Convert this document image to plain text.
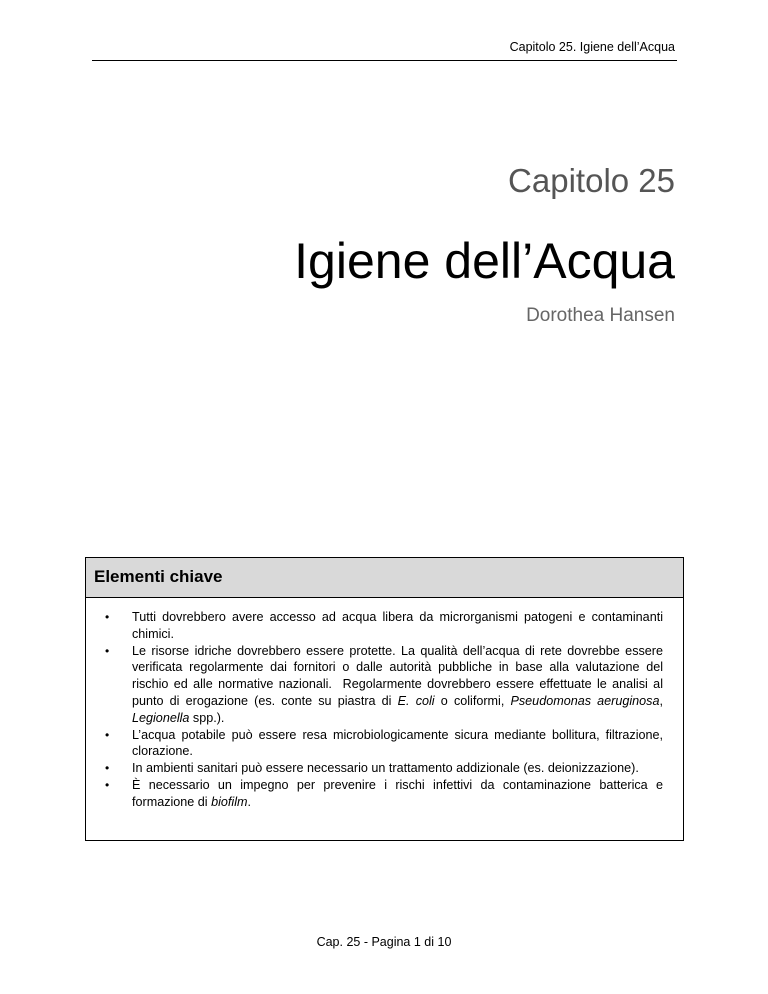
Capitolo 25. Igiene dell’Acqua
Capitolo 25
Igiene dell’Acqua
Dorothea Hansen
Elementi chiave
• Tutti dovrebbero avere accesso ad acqua libera da microrganismi patogeni e contaminanti chimici.
• Le risorse idriche dovrebbero essere protette. La qualità dell’acqua di rete dovrebbe essere verificata regolarmente dai fornitori o dalle autorità pubbliche in base alla valutazione del rischio ed alle normative nazionali.  Regolarmente dovrebbero essere effettuate le analisi al punto di erogazione (es. conte su piastra di E. coli o coliformi, Pseudomonas aeruginosa, Legionella spp.).
• L’acqua potabile può essere resa microbiologicamente sicura mediante bollitura, filtrazione, clorazione.
• In ambienti sanitari può essere necessario un trattamento addizionale (es. deionizzazione).
• È necessario un impegno per prevenire i rischi infettivi da contaminazione batterica e formazione di biofilm.
Cap. 25 - Pagina 1 di 10
